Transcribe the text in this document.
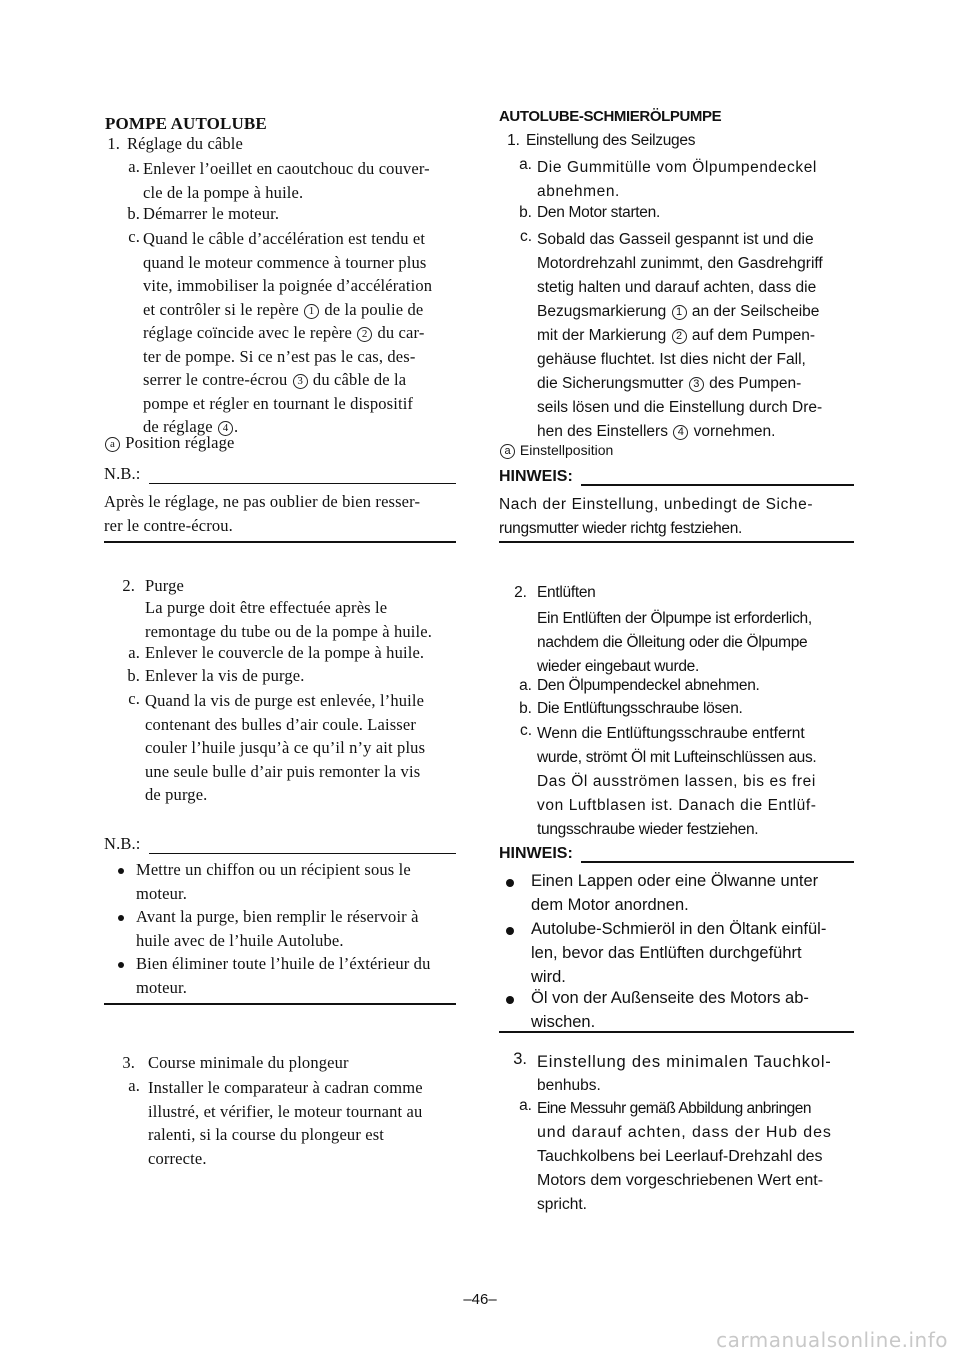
POMPE AUTOLUBE
1. Réglage du câble
a. Enlever l’oeillet en caoutchouc du couver-
cle de la pompe à huile.
b. Démarrer le moteur.
c. Quand le câble d’accélération est tendu et
quand le moteur commence à tourner plus
vite, immobiliser la poignée d’accélération
et contrôler si le repère 1 de la poulie de
réglage coïncide avec le repère 2 du car-
ter de pompe. Si ce n’est pas le cas, des-
serrer le contre-écrou 3 du câble de la
pompe et régler en tournant le dispositif
de réglage 4 .
a Position réglage
N.B.:
Après le réglage, ne pas oublier de bien resser-
rer le contre-écrou.
2. Purge
La purge doit être effectuée après le
remontage du tube ou de la pompe à huile.
a. Enlever le couvercle de la pompe à huile.
b. Enlever la vis de purge.
c. Quand la vis de purge est enlevée, l’huile
contenant des bulles d’air coule. Laisser
couler l’huile jusqu’à ce qu’il n’y ait plus
une seule bulle d’air puis remonter la vis
de purge.
N.B.:
Mettre un chiffon ou un récipient sous le
moteur.
Avant la purge, bien remplir le réservoir à
huile avec de l’huile Autolube.
Bien éliminer toute l’huile de l’éxtérieur du
moteur.
3. Course minimale du plongeur
a. Installer le comparateur à cadran comme
illustré, et vérifier, le moteur tournant au
ralenti, si la course du plongeur est
correcte.
AUTOLUBE-SCHMIERÖLPUMPE
1. Einstellung des Seilzuges
a. Die Gummitülle vom Ölpumpendeckel
abnehmen.
b. Den Motor starten.
c. Sobald das Gasseil gespannt ist und die
Motordrehzahl zunimmt, den Gasdrehgriff
stetig halten und darauf achten, dass die
Bezugsmarkierung 1 an der Seilscheibe
mit der Markierung 2 auf dem Pumpen-
gehäuse fluchtet. Ist dies nicht der Fall,
die Sicherungsmutter 3 des Pumpen-
seils lösen und die Einstellung durch Dre-
hen des Einstellers 4 vornehmen.
a Einstellposition
HINWEIS:
Nach der Einstellung, unbedingt de Siche-
rungsmutter wieder richtg festziehen.
2. Entlüften
Ein Entlüften der Ölpumpe ist erforderlich,
nachdem die Ölleitung oder die Ölpumpe
wieder eingebaut wurde.
a. Den Ölpumpendeckel abnehmen.
b. Die Entlüftungsschraube lösen.
c. Wenn die Entlüftungsschraube entfernt
wurde, strömt Öl mit Lufteinschlüssen aus.
Das Öl ausströmen lassen, bis es frei
von Luftblasen ist. Danach die Entlüf-
tungsschraube wieder festziehen.
HINWEIS:
Einen Lappen oder eine Ölwanne unter
dem Motor anordnen.
Autolube-Schmieröl in den Öltank einfül-
len, bevor das Entlüften durchgeführt
wird.
Öl von der Außenseite des Motors ab-
wischen.
3. Einstellung des minimalen Tauchkol-
benhubs.
a. Eine Messuhr gemäß Abbildung anbringen
und darauf achten, dass der Hub des
Tauchkolbens bei Leerlauf-Drehzahl des
Motors dem vorgeschriebenen Wert ent-
spricht.
–46–
carmanualsonline.info
